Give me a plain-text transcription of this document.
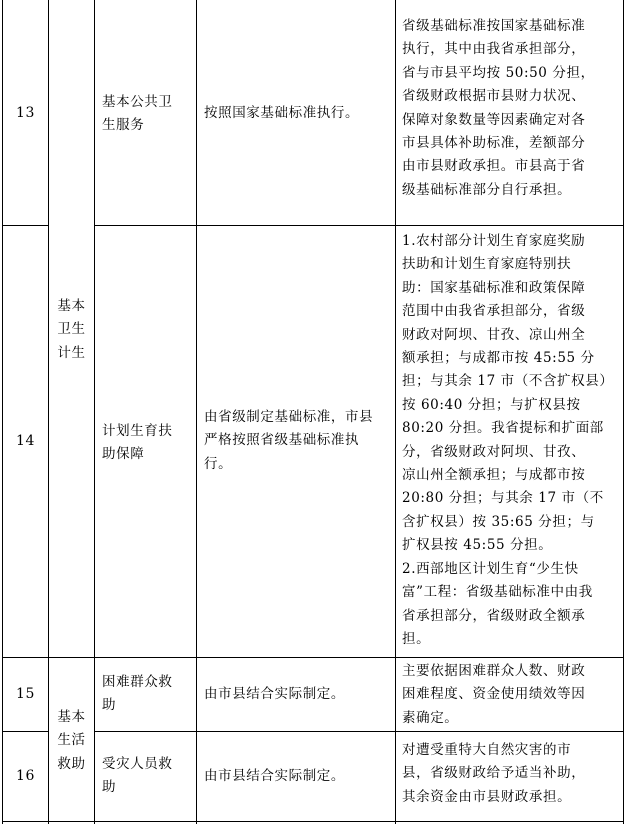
13
基本公共卫
生服务
按照国家基础标准执行。
省级基础标准按国家基础标准
执行，其中由我省承担部分，
省与市县平均按 50:50 分担，
省级财政根据市县财力状况、
保障对象数量等因素确定对各
市县具体补助标准，差额部分
由市县财政承担。市县高于省
级基础标准部分自行承担。
基本
卫生
计生
14
计划生育扶
助保障
由省级制定基础标准，市县
严格按照省级基础标准执
行。
1.农村部分计划生育家庭奖励
扶助和计划生育家庭特别扶
助：国家基础标准和政策保障
范围中由我省承担部分，省级
财政对阿坝、甘孜、凉山州全
额承担；与成都市按 45:55 分
担；与其余 17 市（不含扩权县）
按 60:40 分担；与扩权县按
80:20 分担。我省提标和扩面部
分，省级财政对阿坝、甘孜、
凉山州全额承担；与成都市按
20:80 分担；与其余 17 市（不
含扩权县）按 35:65 分担；与
扩权县按 45:55 分担。
2.西部地区计划生育“少生快
富”工程：省级基础标准中由我
省承担部分，省级财政全额承
担。
基本
生活
救助
15
困难群众救
助
由市县结合实际制定。
主要依据困难群众人数、财政
困难程度、资金使用绩效等因
素确定。
16
受灾人员救
助
由市县结合实际制定。
对遭受重特大自然灾害的市
县，省级财政给予适当补助，
其余资金由市县财政承担。
